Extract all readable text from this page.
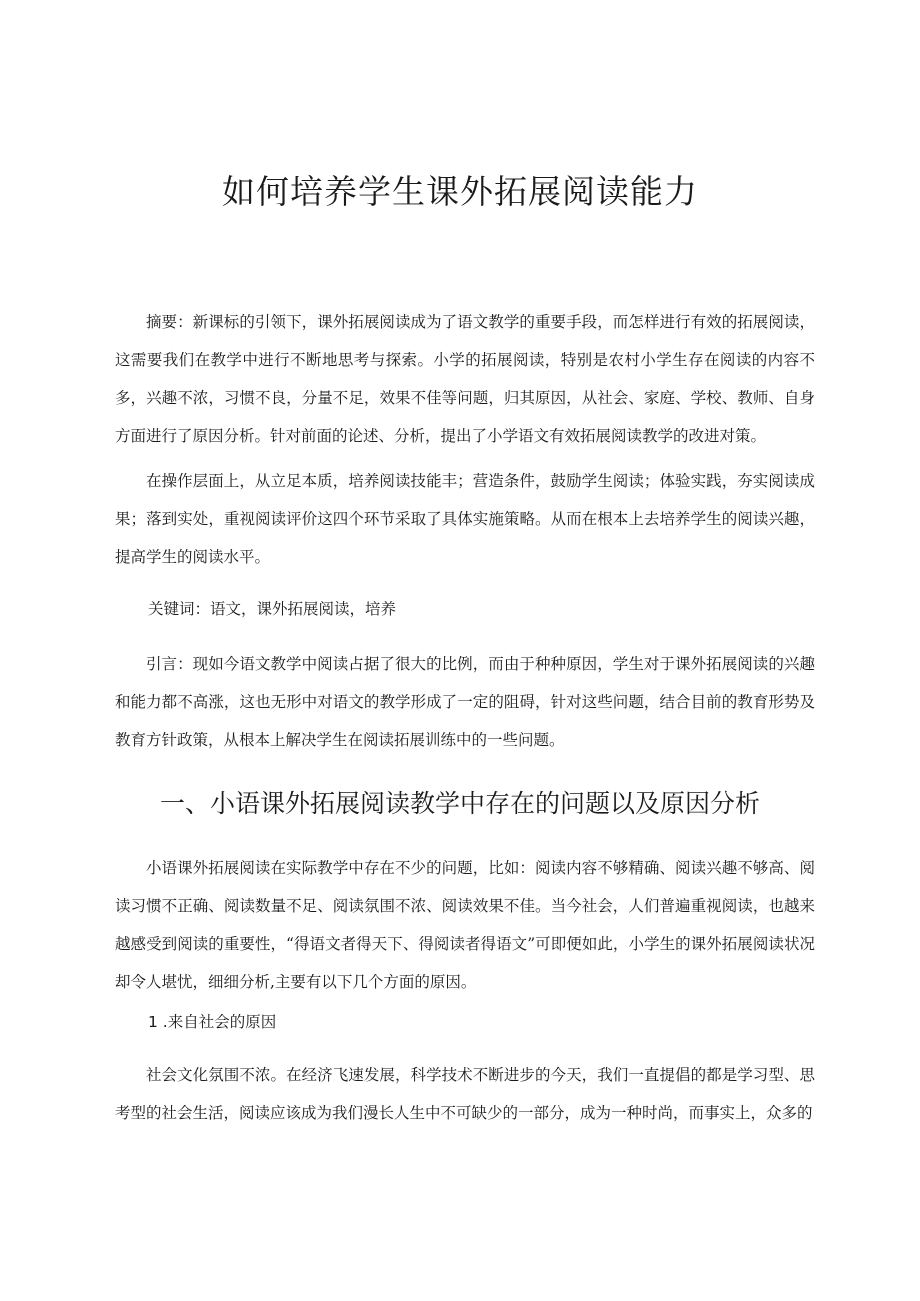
如何培养学生课外拓展阅读能力

摘要：新课标的引领下，课外拓展阅读成为了语文教学的重要手段，而怎样进行有效的拓展阅读，这需要我们在教学中进行不断地思考与探索。小学的拓展阅读，特别是农村小学生存在阅读的内容不多，兴趣不浓，习惯不良，分量不足，效果不佳等问题，归其原因，从社会、家庭、学校、教师、自身方面进行了原因分析。针对前面的论述、分析，提出了小学语文有效拓展阅读教学的改进对策。

在操作层面上，从立足本质，培养阅读技能丰；营造条件，鼓励学生阅读；体验实践，夯实阅读成果；落到实处，重视阅读评价这四个环节采取了具体实施策略。从而在根本上去培养学生的阅读兴趣，提高学生的阅读水平。

关键词：语文，课外拓展阅读，培养

引言：现如今语文教学中阅读占据了很大的比例，而由于种种原因，学生对于课外拓展阅读的兴趣和能力都不高涨，这也无形中对语文的教学形成了一定的阻碍，针对这些问题，结合目前的教育形势及教育方针政策，从根本上解决学生在阅读拓展训练中的一些问题。

一、小语课外拓展阅读教学中存在的问题以及原因分析

小语课外拓展阅读在实际教学中存在不少的问题，比如：阅读内容不够精确、阅读兴趣不够高、阅读习惯不正确、阅读数量不足、阅读氛围不浓、阅读效果不佳。当今社会，人们普遍重视阅读，也越来越感受到阅读的重要性，“得语文者得天下、得阅读者得语文”可即便如此，小学生的课外拓展阅读状况却令人堪忧，细细分析,主要有以下几个方面的原因。

1 .来自社会的原因

社会文化氛围不浓。在经济飞速发展，科学技术不断进步的今天，我们一直提倡的都是学习型、思考型的社会生活，阅读应该成为我们漫长人生中不可缺少的一部分，成为一种时尚，而事实上，众多的
